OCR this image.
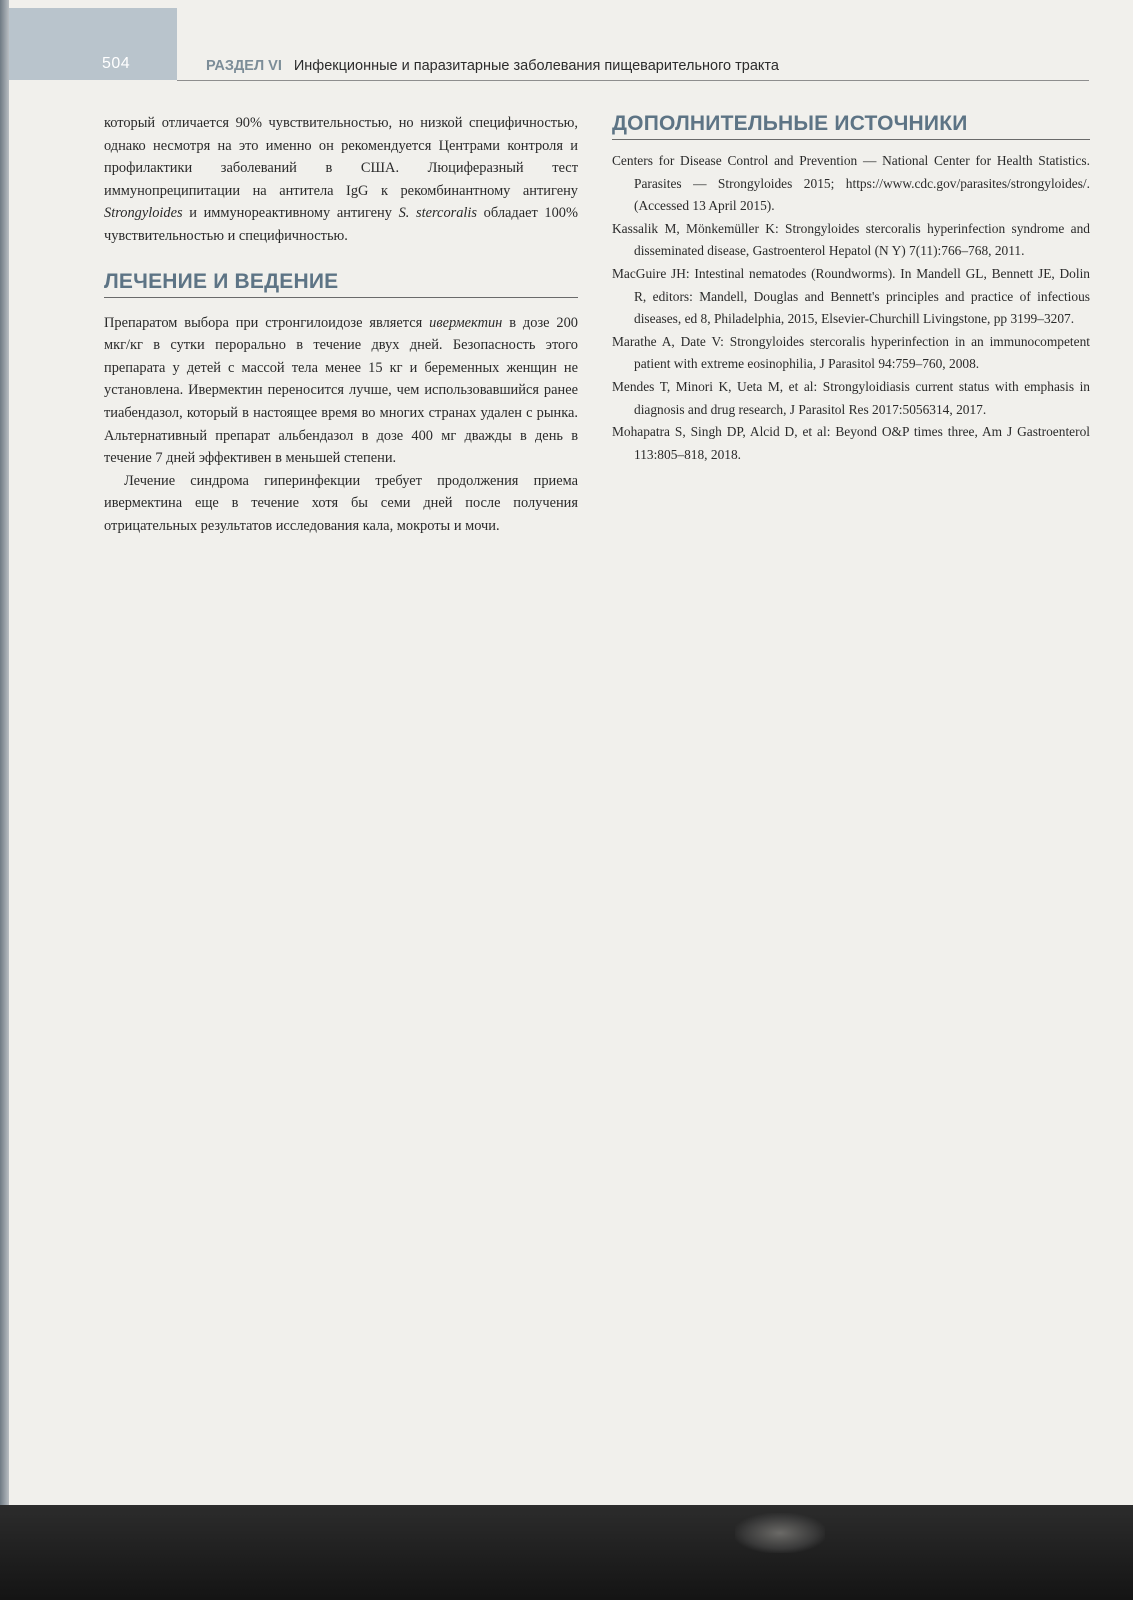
504	РАЗДЕЛ VI Инфекционные и паразитарные заболевания пищеварительного тракта

который отличается 90% чувствительностью, но низкой специфичностью, однако несмотря на это именно он рекомендуется Центрами контроля и профилактики заболеваний в США. Люциферазный тест иммунопреципитации на антитела IgG к рекомбинантному антигену Strongyloides и иммунореактивному антигену S. stercoralis обладает 100% чувствительностью и специфичностью.

ЛЕЧЕНИЕ И ВЕДЕНИЕ

Препаратом выбора при стронгилоидозе является ивермектин в дозе 200 мкг/кг в сутки перорально в течение двух дней. Безопасность этого препарата у детей с массой тела менее 15 кг и беременных женщин не установлена. Ивермектин переносится лучше, чем использовавшийся ранее тиабендазол, который в настоящее время во многих странах удален с рынка. Альтернативный препарат альбендазол в дозе 400 мг дважды в день в течение 7 дней эффективен в меньшей степени.

Лечение синдрома гиперинфекции требует продолжения приема ивермектина еще в течение хотя бы семи дней после получения отрицательных результатов исследования кала, мокроты и мочи.

ДОПОЛНИТЕЛЬНЫЕ ИСТОЧНИКИ
Centers for Disease Control and Prevention — National Center for Health Statistics. Parasites — Strongyloides 2015; https://www.cdc.gov/parasites/strongyloides/. (Accessed 13 April 2015).
Kassalik M, Mönkemüller K: Strongyloides stercoralis hyperinfection syndrome and disseminated disease, Gastroenterol Hepatol (N Y) 7(11):766–768, 2011.
MacGuire JH: Intestinal nematodes (Roundworms). In Mandell GL, Bennett JE, Dolin R, editors: Mandell, Douglas and Bennett's principles and practice of infectious diseases, ed 8, Philadelphia, 2015, Elsevier-Churchill Livingstone, pp 3199–3207.
Marathe A, Date V: Strongyloides stercoralis hyperinfection in an immunocompetent patient with extreme eosinophilia, J Parasitol 94:759–760, 2008.
Mendes T, Minori K, Ueta M, et al: Strongyloidiasis current status with emphasis in diagnosis and drug research, J Parasitol Res 2017:5056314, 2017.
Mohapatra S, Singh DP, Alcid D, et al: Beyond O&P times three, Am J Gastroenterol 113:805–818, 2018.
